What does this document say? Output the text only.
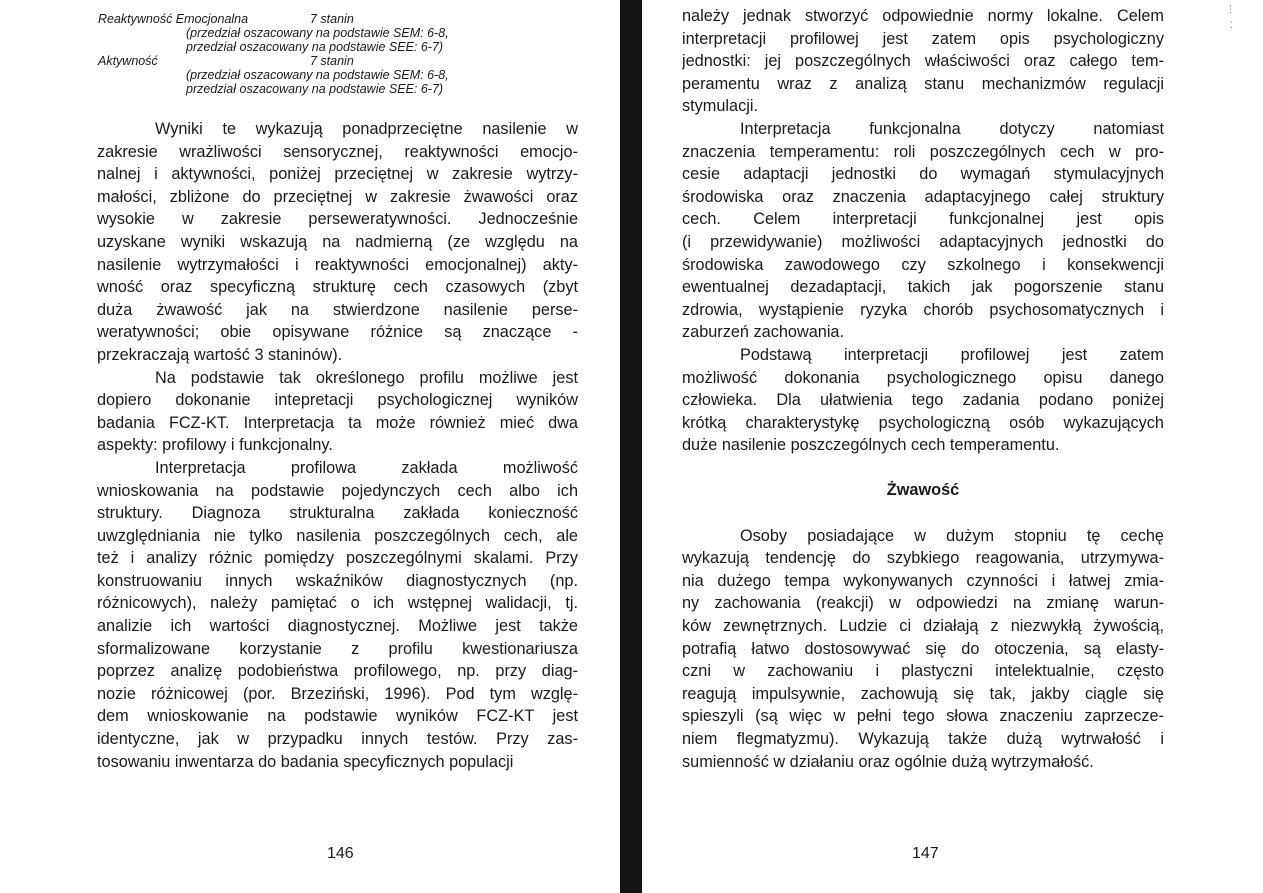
Reaktywność Emocjonalna	7 stanin
(przedział oszacowany na podstawie SEM: 6-8,
przedział oszacowany na podstawie SEE: 6-7)
Aktywność	7 stanin
(przedział oszacowany na podstawie SEM: 6-8,
przedział oszacowany na podstawie SEE: 6-7)
Wyniki te wykazują ponadprzeciętne nasilenie w
zakresie wrażliwości sensorycznej, reaktywności emocjo-
nalnej i aktywności, poniżej przeciętnej w zakresie wytrzy-
małości, zbliżone do przeciętnej w zakresie żwawości oraz
wysokie w zakresie perseweratywności. Jednocześnie
uzyskane wyniki wskazują na nadmierną (ze względu na
nasilenie wytrzymałości i reaktywności emocjonalnej) akty-
wność oraz specyficzną strukturę cech czasowych (zbyt
duża żwawość jak na stwierdzone nasilenie perse-
weratywności; obie opisywane różnice są znaczące -
przekraczają wartość 3 staninów).
Na podstawie tak określonego profilu możliwe jest
dopiero dokonanie intepretacji psychologicznej wyników
badania FCZ-KT. Interpretacja ta może również mieć dwa
aspekty: profilowy i funkcjonalny.
Interpretacja profilowa zakłada możliwość
wnioskowania na podstawie pojedynczych cech albo ich
struktury. Diagnoza strukturalna zakłada konieczność
uwzględniania nie tylko nasilenia poszczególnych cech, ale
też i analizy różnic pomiędzy poszczególnymi skalami. Przy
konstruowaniu innych wskaźników diagnostycznych (np.
różnicowych), należy pamiętać o ich wstępnej walidacji, tj.
analizie ich wartości diagnostycznej. Możliwe jest także
sformalizowane korzystanie z profilu kwestionariusza
poprzez analizę podobieństwa profilowego, np. przy diag-
nozie różnicowej (por. Brzeziński, 1996). Pod tym wzglę-
dem wnioskowanie na podstawie wyników FCZ-KT jest
identyczne, jak w przypadku innych testów. Przy zas-
tosowaniu inwentarza do badania specyficznych populacji
146
należy jednak stworzyć odpowiednie normy lokalne. Celem
interpretacji profilowej jest zatem opis psychologiczny
jednostki: jej poszczególnych właściwości oraz całego tem-
peramentu wraz z analizą stanu mechanizmów regulacji
stymulacji.
Interpretacja funkcjonalna dotyczy natomiast
znaczenia temperamentu: roli poszczególnych cech w pro-
cesie adaptacji jednostki do wymagań stymulacyjnych
środowiska oraz znaczenia adaptacyjnego całej struktury
cech. Celem interpretacji funkcjonalnej jest opis
(i przewidywanie) możliwości adaptacyjnych jednostki do
środowiska zawodowego czy szkolnego i konsekwencji
ewentualnej dezadaptacji, takich jak pogorszenie stanu
zdrowia, wystąpienie ryzyka chorób psychosomatycznych i
zaburzeń zachowania.
Podstawą interpretacji profilowej jest zatem
możliwość dokonania psychologicznego opisu danego
człowieka. Dla ułatwienia tego zadania podano poniżej
krótką charakterystykę psychologiczną osób wykazujących
duże nasilenie poszczególnych cech temperamentu.
Żwawość
Osoby posiadające w dużym stopniu tę cechę
wykazują tendencję do szybkiego reagowania, utrzymywa-
nia dużego tempa wykonywanych czynności i łatwej zmia-
ny zachowania (reakcji) w odpowiedzi na zmianę warun-
ków zewnętrznych. Ludzie ci działają z niezwykłą żywością,
potrafią łatwo dostosowywać się do otoczenia, są elasty-
czni w zachowaniu i plastyczni intelektualnie, często
reagują impulsywnie, zachowują się tak, jakby ciągle się
spieszyli (są więc w pełni tego słowa znaczeniu zaprzecze-
niem flegmatyzmu). Wykazują także dużą wytrwałość i
sumienność w działaniu oraz ogólnie dużą wytrzymałość.
147
⋮
⁚
